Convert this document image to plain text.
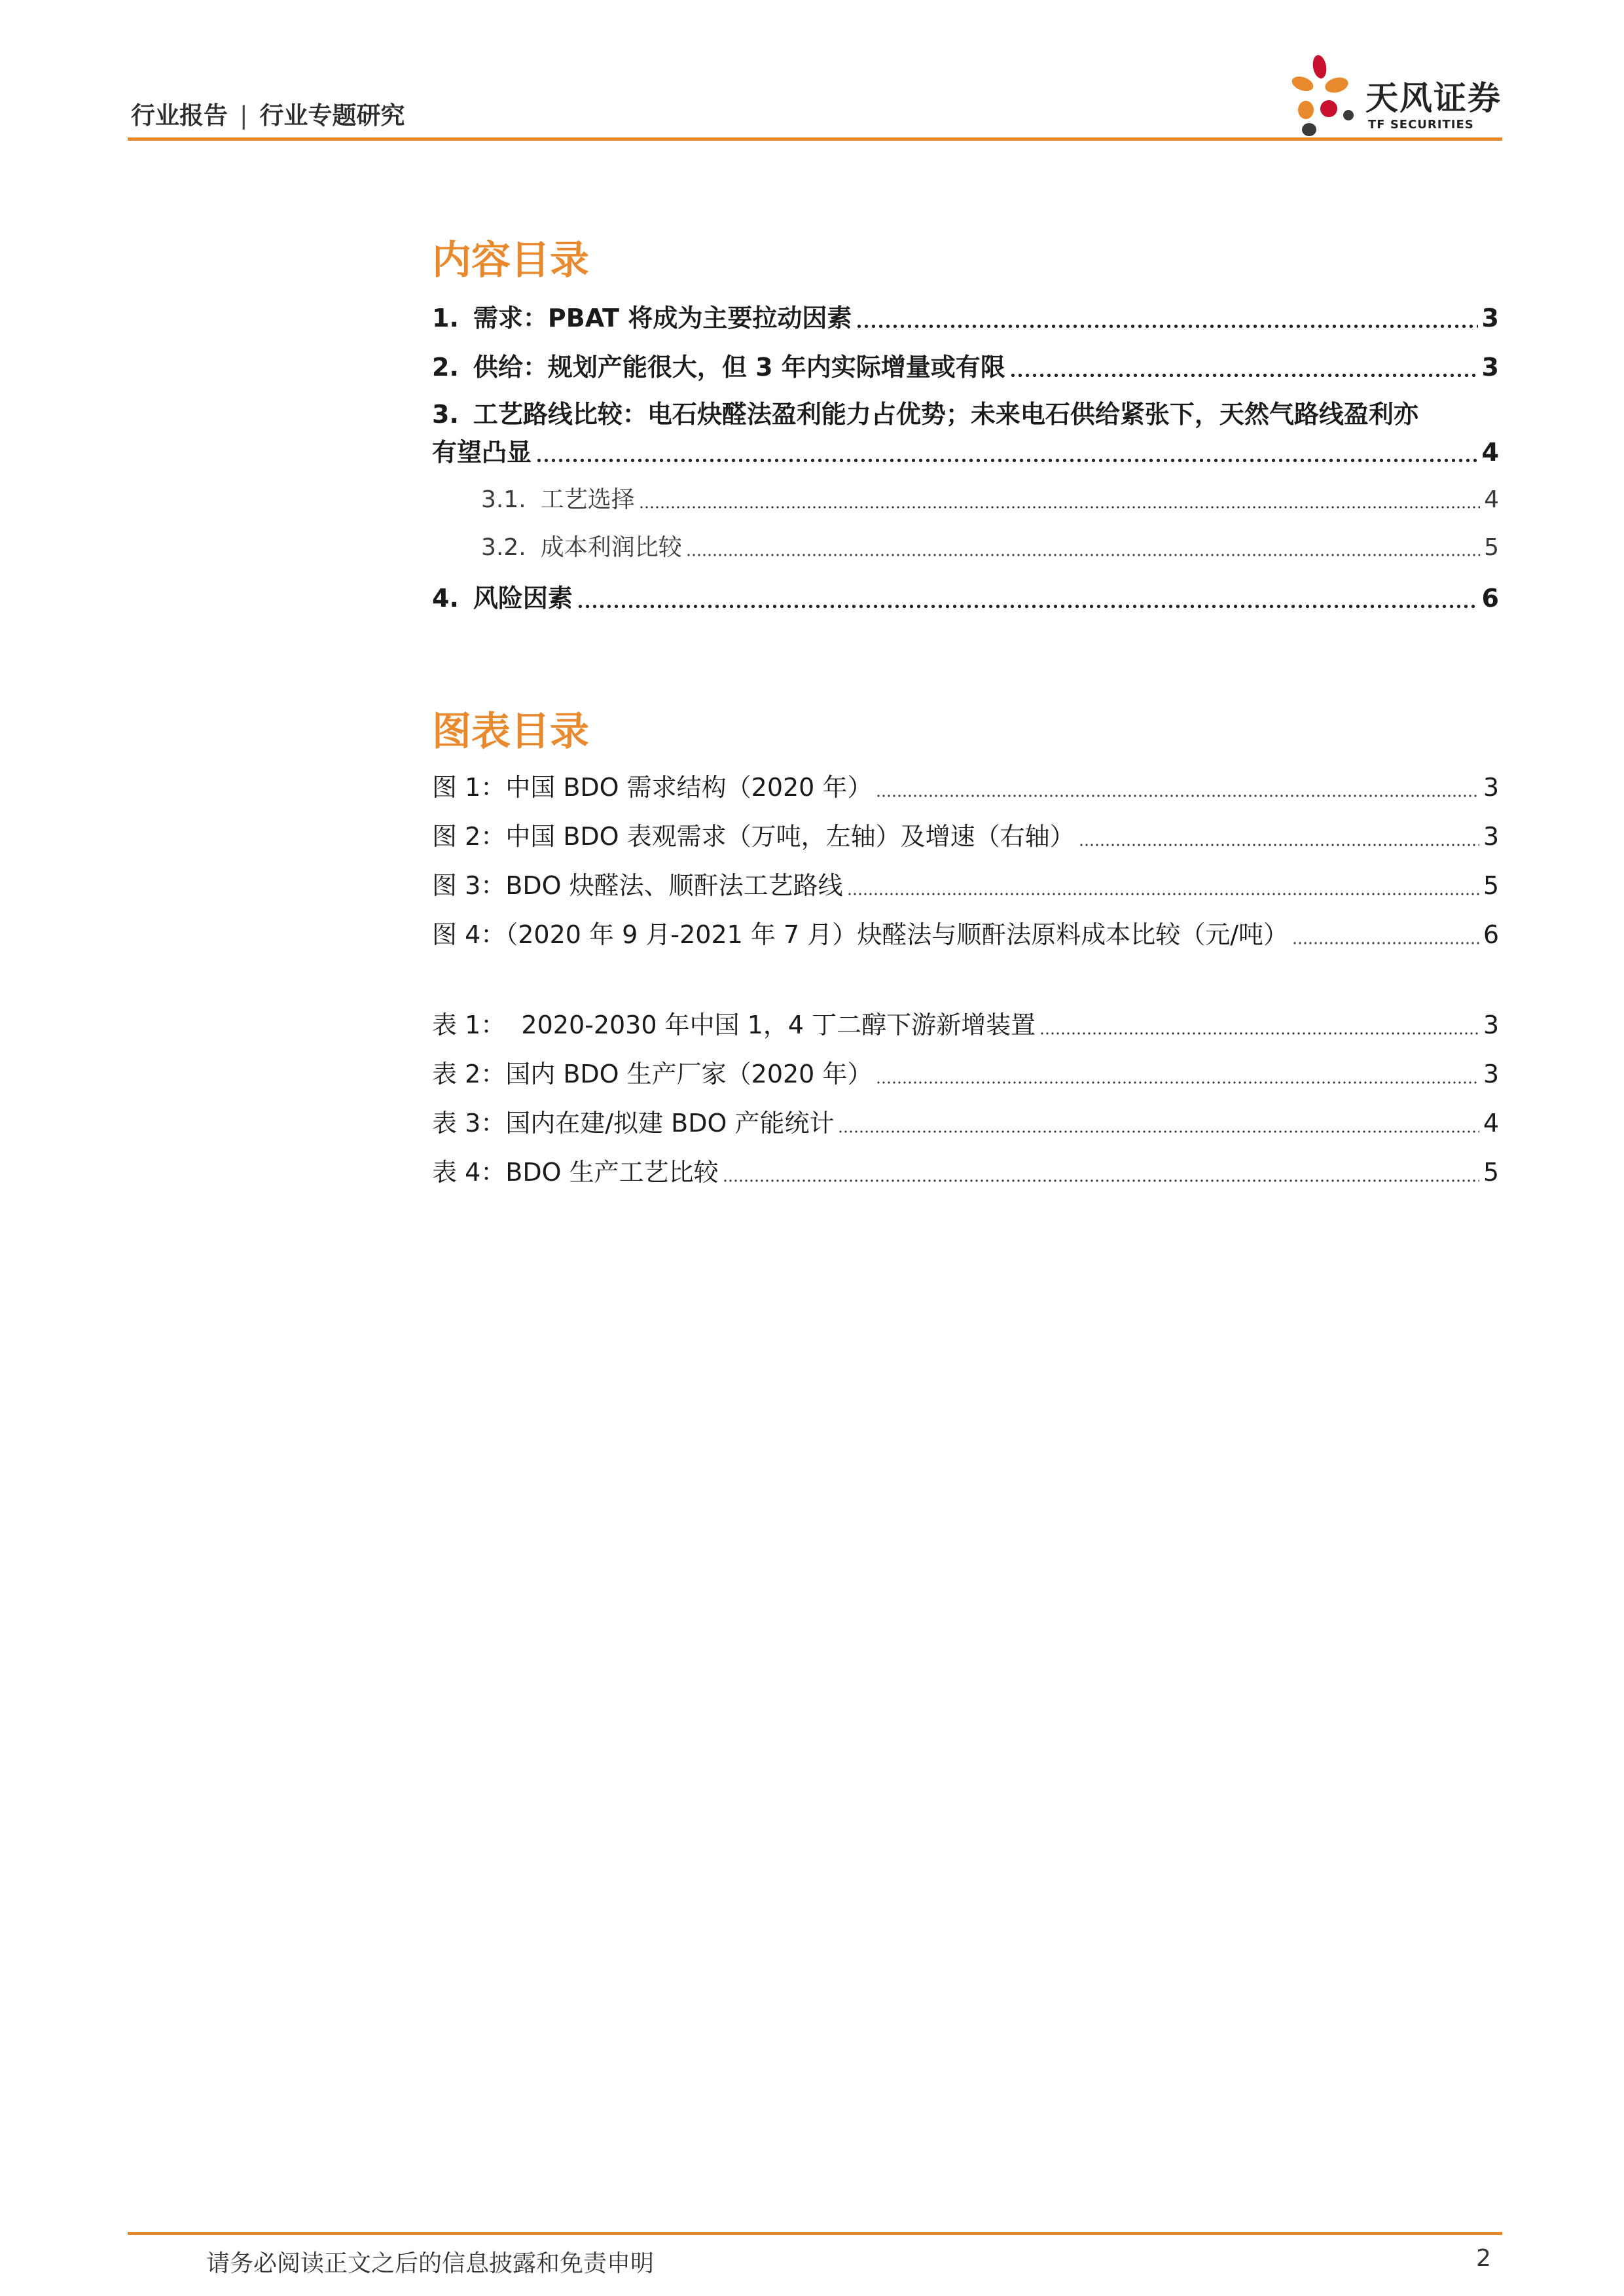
行业报告 | 行业专题研究	天风证券
TF SECURITIES
内容目录
1. 需求：PBAT 将成为主要拉动因素	3
2. 供给：规划产能很大，但 3 年内实际增量或有限	3
3. 工艺路线比较：电石炔醛法盈利能力占优势；未来电石供给紧张下，天然气路线盈利亦
有望凸显	4
3.1. 工艺选择	4
3.2. 成本利润比较	5
4. 风险因素	6
图表目录
图 1：中国 BDO 需求结构（2020 年）	3
图 2：中国 BDO 表观需求（万吨，左轴）及增速（右轴）	3
图 3：BDO 炔醛法、顺酐法工艺路线	5
图 4：（2020 年 9 月-2021 年 7 月）炔醛法与顺酐法原料成本比较（元/吨）	6
表 1：  2020-2030 年中国 1，4 丁二醇下游新增装置	3
表 2：国内 BDO 生产厂家（2020 年）	3
表 3：国内在建/拟建 BDO 产能统计	4
表 4：BDO 生产工艺比较	5
请务必阅读正文之后的信息披露和免责申明	2
